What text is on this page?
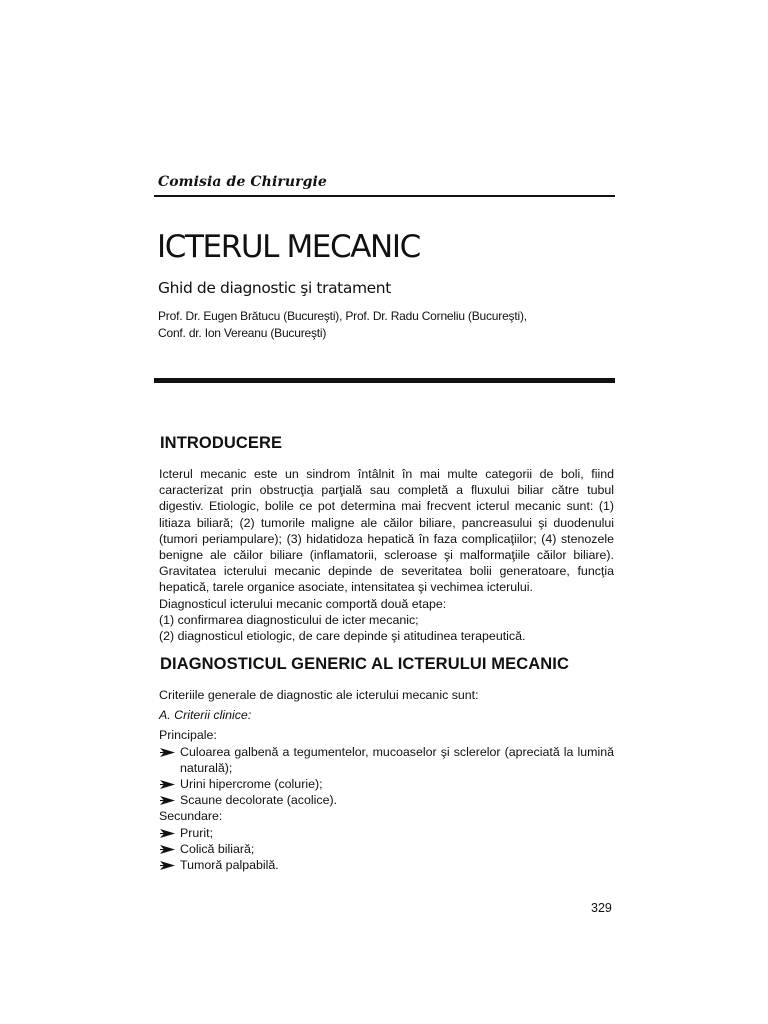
Comisia de Chirurgie
ICTERUL MECANIC
Ghid de diagnostic şi tratament
Prof. Dr. Eugen Brătucu (Bucureşti), Prof. Dr. Radu Corneliu (Bucureşti),
Conf. dr. Ion Vereanu (Bucureşti)
INTRODUCERE

Icterul mecanic este un sindrom întâlnit în mai multe categorii de boli, fiind caracterizat prin obstrucţia parţială sau completă a fluxului biliar către tubul digestiv. Etiologic, bolile ce pot determina mai frecvent icterul mecanic sunt: (1) litiaza biliară; (2) tumorile maligne ale căilor biliare, pancreasului şi duodenului (tumori periampulare); (3) hidatidoza hepatică în faza complicaţiilor; (4) stenozele benigne ale căilor biliare (inflamatorii, scleroase şi malformaţiile căilor biliare). Gravitatea icterului mecanic depinde de severitatea bolii generatoare, funcţia hepatică, tarele organice asociate, intensitatea şi vechimea icterului.

Diagnosticul icterului mecanic comportă două etape:

(1) confirmarea diagnosticului de icter mecanic;

(2) diagnosticul etiologic, de care depinde şi atitudinea terapeutică.

DIAGNOSTICUL GENERIC AL ICTERULUI MECANIC

Criteriile generale de diagnostic ale icterului mecanic sunt:

A. Criterii clinice:

Principale:

Culoarea galbenă a tegumentelor, mucoaselor şi sclerelor (apreciată la lumină naturală);

Urini hipercrome (colurie);

Scaune decolorate (acolice).

Secundare:

Prurit;

Colică biliară;

Tumoră palpabilă.

329
